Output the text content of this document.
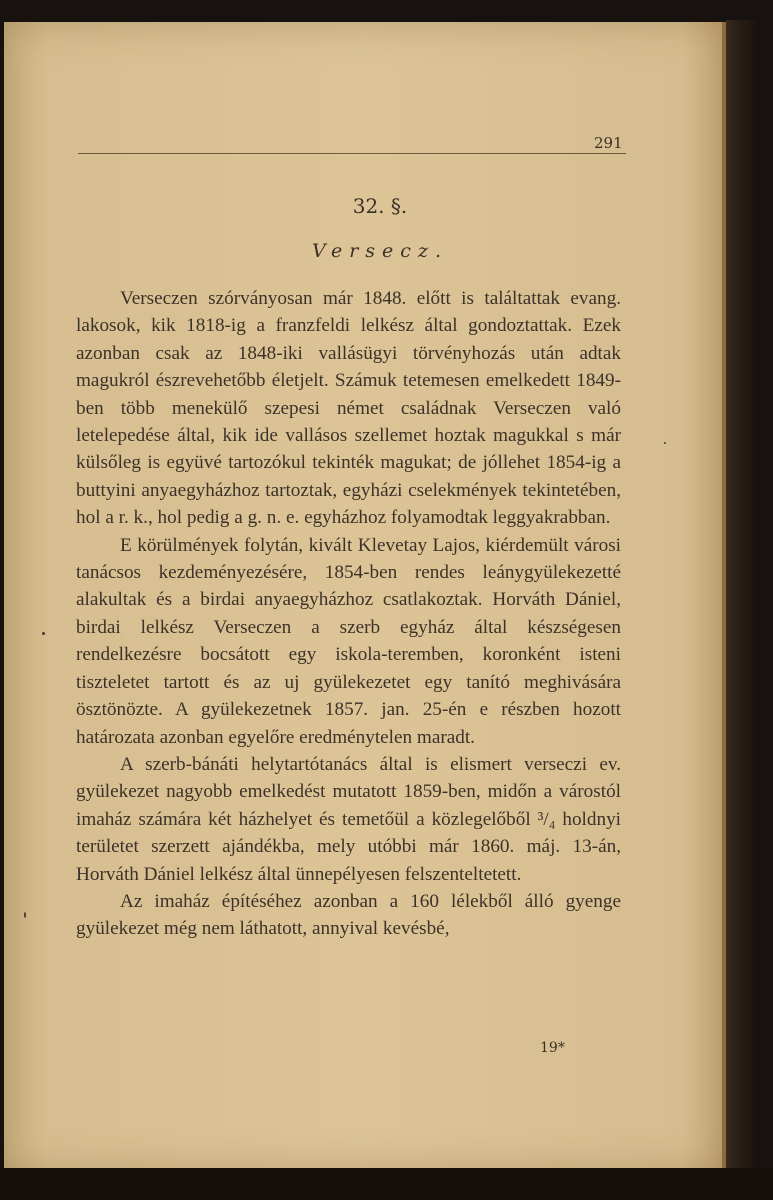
291
32. §.
Versecz.

Verseczen szórványosan már 1848. előtt is találtattak evang. lakosok, kik 1818-ig a franzfeldi lelkész által gondoztattak. Ezek azonban csak az 1848-iki vallásügyi törvényhozás után adtak magukról észrevehetőbb életjelt. Számuk tetemesen emelkedett 1849-ben több menekülő szepesi német családnak Verseczen való letelepedése által, kik ide vallásos szellemet hoztak magukkal s már külsőleg is együvé tartozókul tekinték magukat; de jóllehet 1854-ig a buttyini anyaegyházhoz tartoztak, egyházi cselekmények tekintetében, hol a r. k., hol pedig a g. n. e. egyházhoz folyamodtak leggyakrabban.

E körülmények folytán, kivált Klevetay Lajos, kiérdemült városi tanácsos kezdeményezésére, 1854-ben rendes leánygyülekezetté alakultak és a birdai anyaegyházhoz csatlakoztak. Horváth Dániel, birdai lelkész Verseczen a szerb egyház által készségesen rendelkezésre bocsátott egy iskola-teremben, koronként isteni tiszteletet tartott és az uj gyülekezetet egy tanító meghivására ösztönözte. A gyülekezetnek 1857. jan. 25-én e részben hozott határozata azonban egyelőre eredménytelen maradt.

A szerb-bánáti helytartótanács által is elismert verseczi ev. gyülekezet nagyobb emelkedést mutatott 1859-ben, midőn a várostól imaház számára két házhelyet és temetőül a közlegelőből ³/₄ holdnyi területet szerzett ajándékba, mely utóbbi már 1860. máj. 13-án, Horváth Dániel lelkész által ünnepélyesen felszenteltetett.

Az imaház építéséhez azonban a 160 lélekből álló gyenge gyülekezet még nem láthatott, annyival kevésbé,

19*
